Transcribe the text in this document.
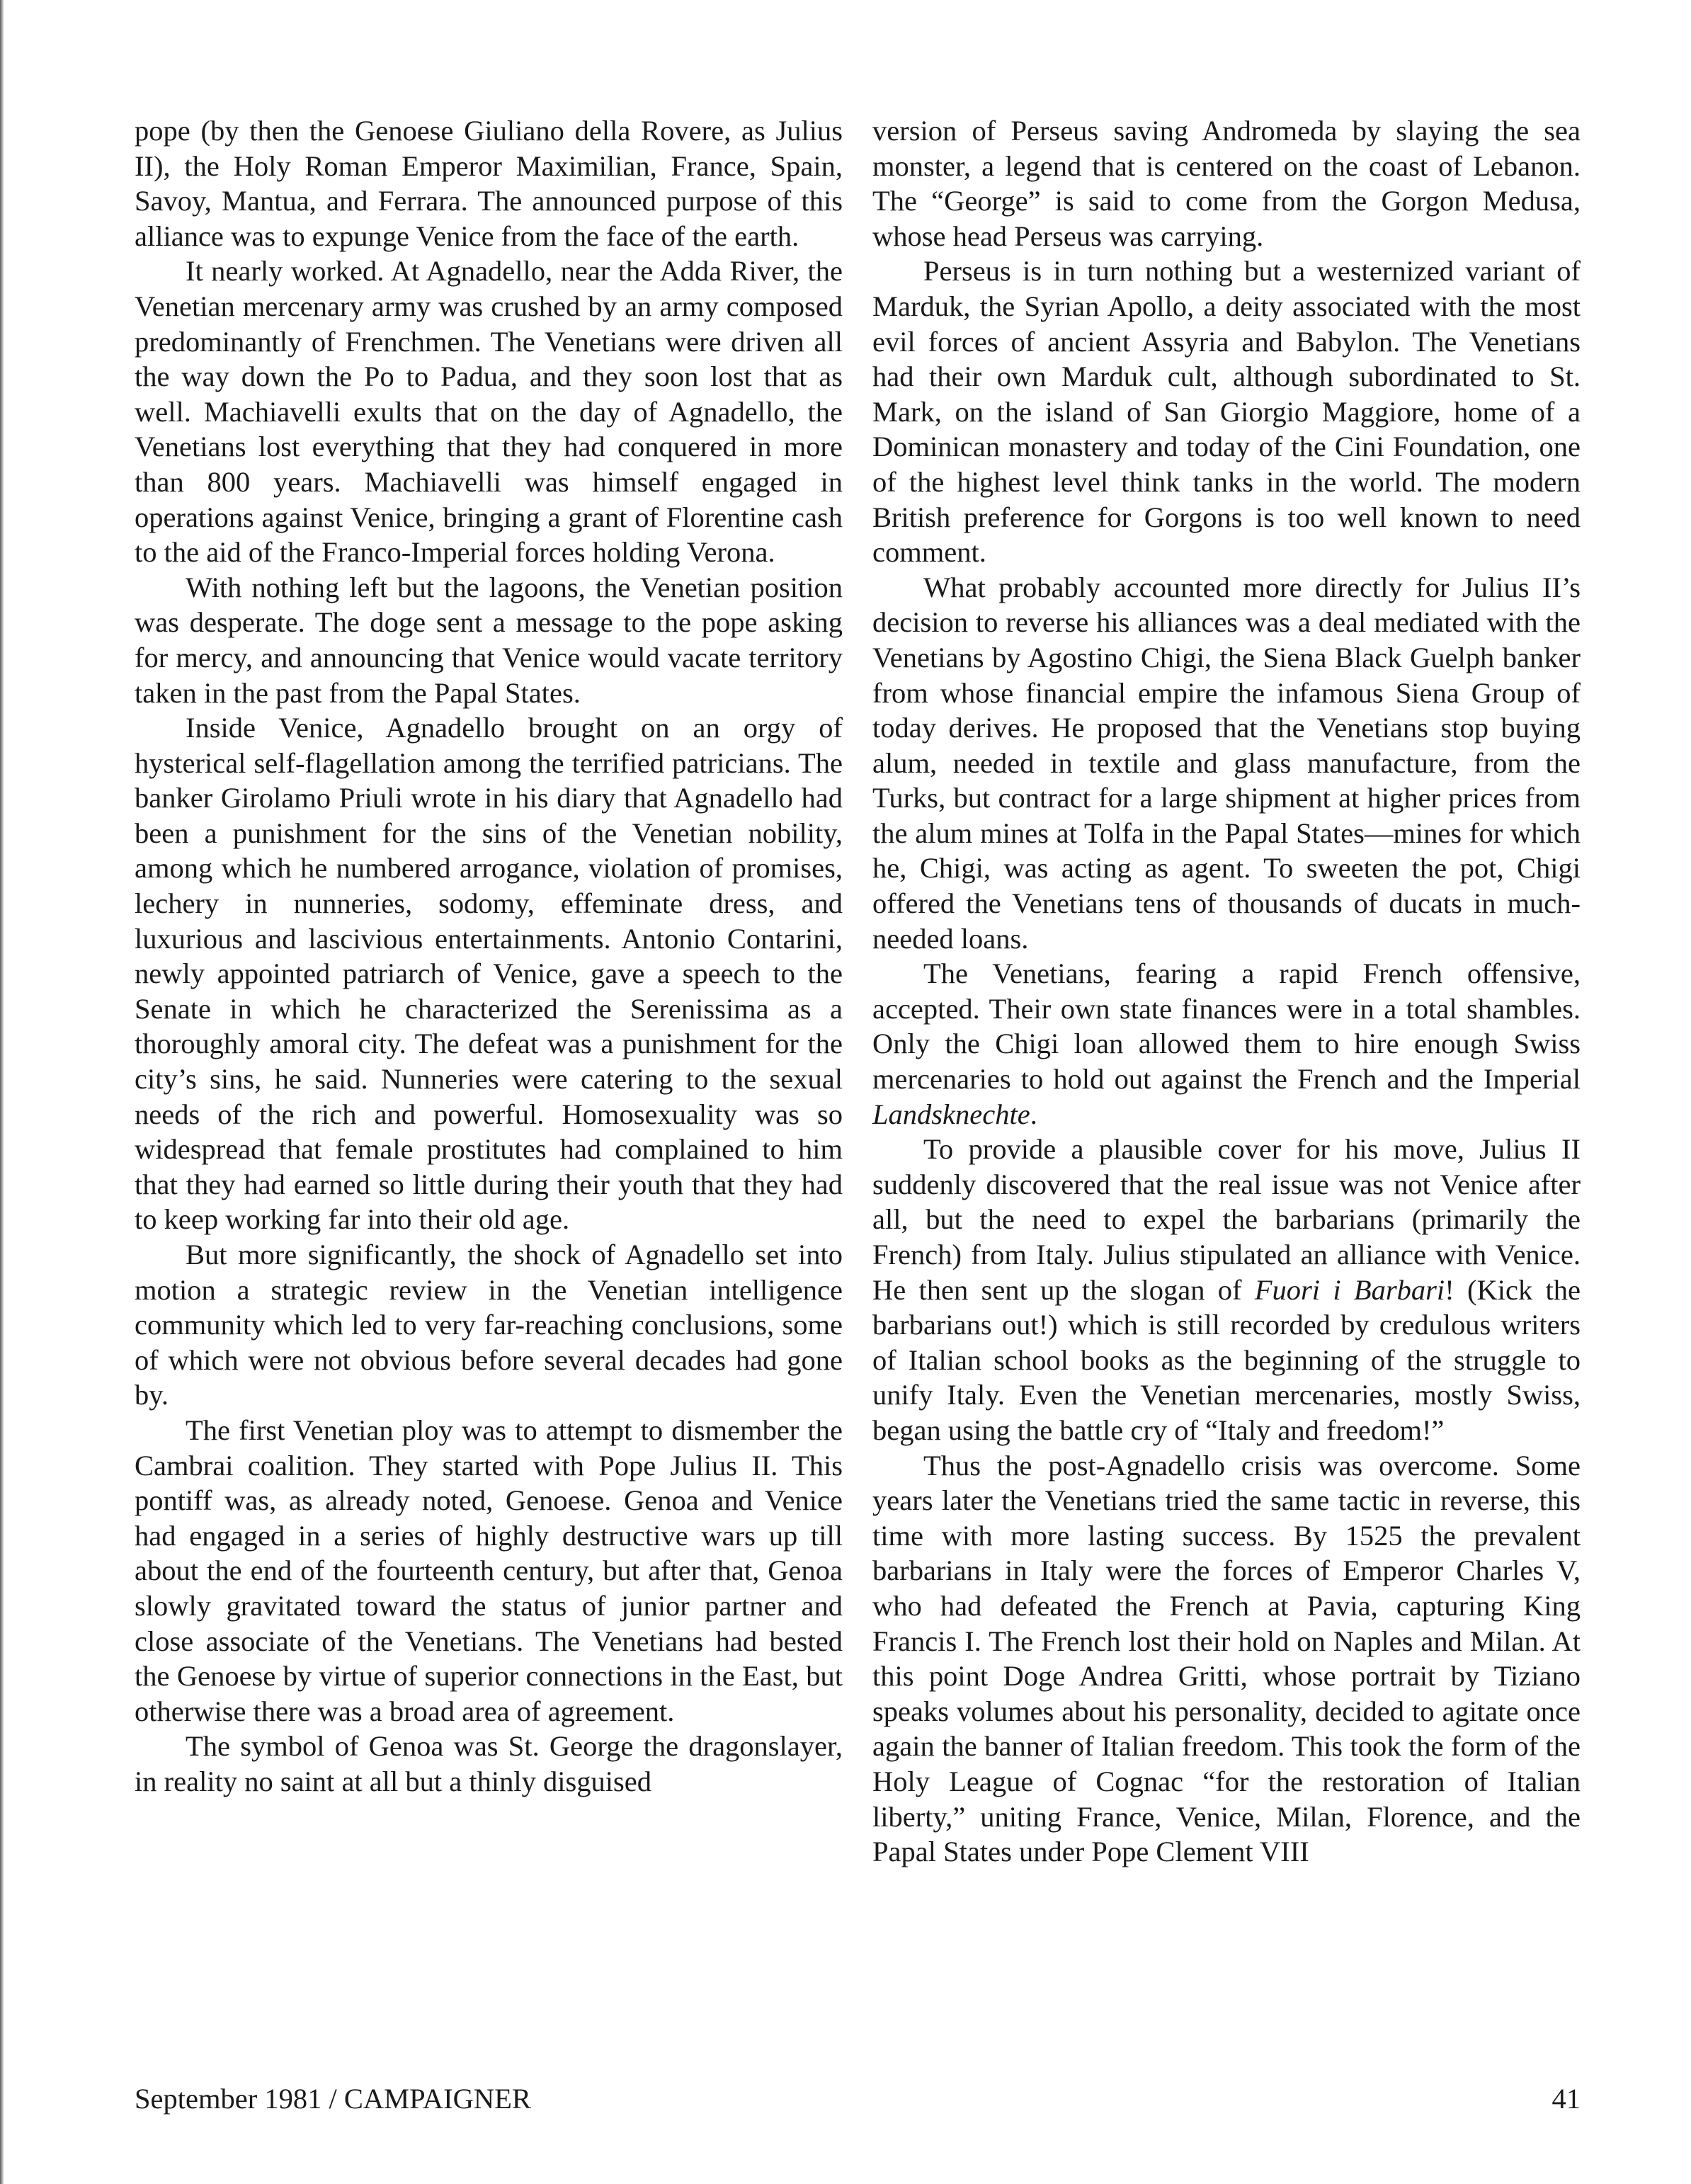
pope (by then the Genoese Giuliano della Rovere, as Julius II), the Holy Roman Emperor Maximilian, France, Spain, Savoy, Mantua, and Ferrara. The announced purpose of this alliance was to expunge Venice from the face of the earth.

It nearly worked. At Agnadello, near the Adda River, the Venetian mercenary army was crushed by an army composed predominantly of Frenchmen. The Venetians were driven all the way down the Po to Padua, and they soon lost that as well. Machiavelli exults that on the day of Agnadello, the Venetians lost everything that they had conquered in more than 800 years. Machiavelli was himself engaged in operations against Venice, bringing a grant of Florentine cash to the aid of the Franco-Imperial forces holding Verona.

With nothing left but the lagoons, the Venetian position was desperate. The doge sent a message to the pope asking for mercy, and announcing that Venice would vacate territory taken in the past from the Papal States.

Inside Venice, Agnadello brought on an orgy of hysterical self-flagellation among the terrified patricians. The banker Girolamo Priuli wrote in his diary that Agnadello had been a punishment for the sins of the Venetian nobility, among which he numbered arrogance, violation of promises, lechery in nunneries, sodomy, effeminate dress, and luxurious and lascivious entertainments. Antonio Contarini, newly appointed patriarch of Venice, gave a speech to the Senate in which he characterized the Serenissima as a thoroughly amoral city. The defeat was a punishment for the city’s sins, he said. Nunneries were catering to the sexual needs of the rich and powerful. Homosexuality was so widespread that female prostitutes had complained to him that they had earned so little during their youth that they had to keep working far into their old age.

But more significantly, the shock of Agnadello set into motion a strategic review in the Venetian intelligence community which led to very far-reaching conclusions, some of which were not obvious before several decades had gone by.

The first Venetian ploy was to attempt to dismember the Cambrai coalition. They started with Pope Julius II. This pontiff was, as already noted, Genoese. Genoa and Venice had engaged in a series of highly destructive wars up till about the end of the fourteenth century, but after that, Genoa slowly gravitated toward the status of junior partner and close associate of the Venetians. The Venetians had bested the Genoese by virtue of superior connections in the East, but otherwise there was a broad area of agreement.

The symbol of Genoa was St. George the dragonslayer, in reality no saint at all but a thinly disguised

version of Perseus saving Andromeda by slaying the sea monster, a legend that is centered on the coast of Lebanon. The “George” is said to come from the Gorgon Medusa, whose head Perseus was carrying.

Perseus is in turn nothing but a westernized variant of Marduk, the Syrian Apollo, a deity associated with the most evil forces of ancient Assyria and Babylon. The Venetians had their own Marduk cult, although subordinated to St. Mark, on the island of San Giorgio Maggiore, home of a Dominican monastery and today of the Cini Foundation, one of the highest level think tanks in the world. The modern British preference for Gorgons is too well known to need comment.

What probably accounted more directly for Julius II’s decision to reverse his alliances was a deal mediated with the Venetians by Agostino Chigi, the Siena Black Guelph banker from whose financial empire the infamous Siena Group of today derives. He proposed that the Venetians stop buying alum, needed in textile and glass manufacture, from the Turks, but contract for a large shipment at higher prices from the alum mines at Tolfa in the Papal States—mines for which he, Chigi, was acting as agent. To sweeten the pot, Chigi offered the Venetians tens of thousands of ducats in much-needed loans.

The Venetians, fearing a rapid French offensive, accepted. Their own state finances were in a total shambles. Only the Chigi loan allowed them to hire enough Swiss mercenaries to hold out against the French and the Imperial Landsknechte.

To provide a plausible cover for his move, Julius II suddenly discovered that the real issue was not Venice after all, but the need to expel the barbarians (primarily the French) from Italy. Julius stipulated an alliance with Venice. He then sent up the slogan of Fuori i Barbari! (Kick the barbarians out!) which is still recorded by credulous writers of Italian school books as the beginning of the struggle to unify Italy. Even the Venetian mercenaries, mostly Swiss, began using the battle cry of “Italy and freedom!”

Thus the post-Agnadello crisis was overcome. Some years later the Venetians tried the same tactic in reverse, this time with more lasting success. By 1525 the prevalent barbarians in Italy were the forces of Emperor Charles V, who had defeated the French at Pavia, capturing King Francis I. The French lost their hold on Naples and Milan. At this point Doge Andrea Gritti, whose portrait by Tiziano speaks volumes about his personality, decided to agitate once again the banner of Italian freedom. This took the form of the Holy League of Cognac “for the restoration of Italian liberty,” uniting France, Venice, Milan, Florence, and the Papal States under Pope Clement VIII

September 1981 / CAMPAIGNER	41
